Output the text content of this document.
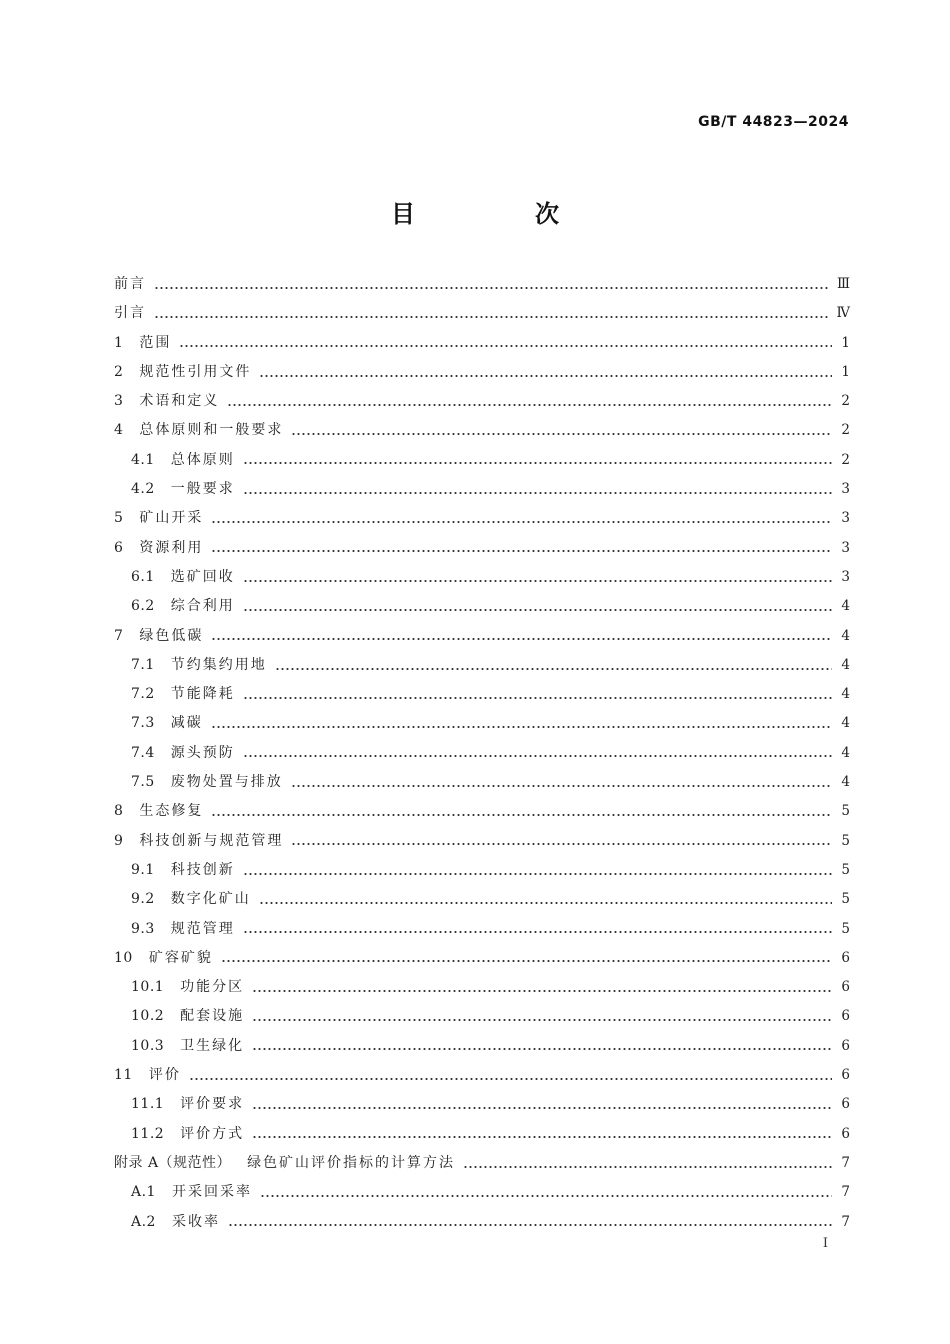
GB/T 44823—2024
目　次
前言	Ⅲ
引言	Ⅳ
1 范围	1
2 规范性引用文件	1
3 术语和定义	2
4 总体原则和一般要求	2
4.1 总体原则	2
4.2 一般要求	3
5 矿山开采	3
6 资源利用	3
6.1 选矿回收	3
6.2 综合利用	4
7 绿色低碳	4
7.1 节约集约用地	4
7.2 节能降耗	4
7.3 减碳	4
7.4 源头预防	4
7.5 废物处置与排放	4
8 生态修复	5
9 科技创新与规范管理	5
9.1 科技创新	5
9.2 数字化矿山	5
9.3 规范管理	5
10 矿容矿貌	6
10.1 功能分区	6
10.2 配套设施	6
10.3 卫生绿化	6
11 评价	6
11.1 评价要求	6
11.2 评价方式	6
附录 A（规范性） 绿色矿山评价指标的计算方法	7
A.1 开采回采率	7
A.2 采收率	7
I
